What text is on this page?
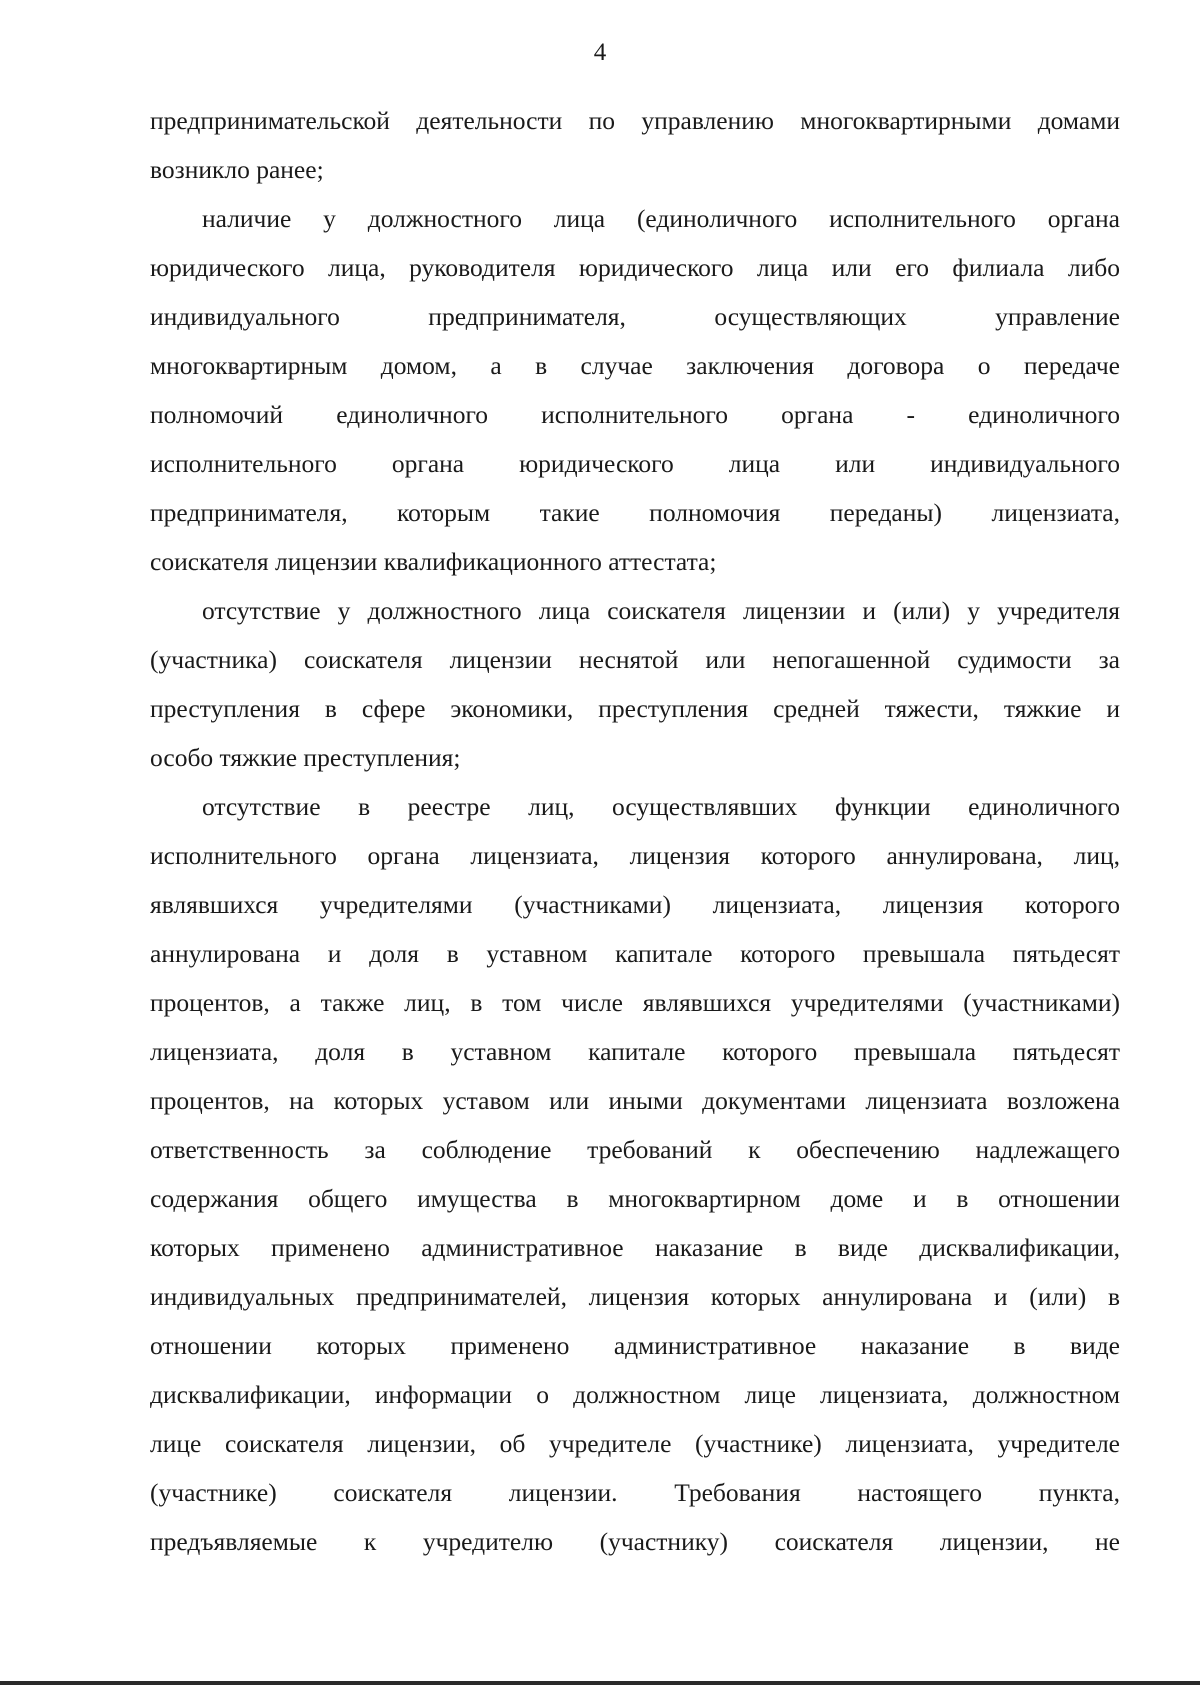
4
предпринимательской деятельности по управлению многоквартирными домами
возникло ранее;
наличие у должностного лица (единоличного исполнительного органа
юридического лица, руководителя юридического лица или его филиала либо
индивидуального предпринимателя, осуществляющих управление
многоквартирным домом, а в случае заключения договора о передаче
полномочий единоличного исполнительного органа - единоличного
исполнительного органа юридического лица или индивидуального
предпринимателя, которым такие полномочия переданы) лицензиата,
соискателя лицензии квалификационного аттестата;
отсутствие у должностного лица соискателя лицензии и (или) у учредителя
(участника) соискателя лицензии неснятой или непогашенной судимости за
преступления в сфере экономики, преступления средней тяжести, тяжкие и
особо тяжкие преступления;
отсутствие в реестре лиц, осуществлявших функции единоличного
исполнительного органа лицензиата, лицензия которого аннулирована, лиц,
являвшихся учредителями (участниками) лицензиата, лицензия которого
аннулирована и доля в уставном капитале которого превышала пятьдесят
процентов, а также лиц, в том числе являвшихся учредителями (участниками)
лицензиата, доля в уставном капитале которого превышала пятьдесят
процентов, на которых уставом или иными документами лицензиата возложена
ответственность за соблюдение требований к обеспечению надлежащего
содержания общего имущества в многоквартирном доме и в отношении
которых применено административное наказание в виде дисквалификации,
индивидуальных предпринимателей, лицензия которых аннулирована и (или) в
отношении которых применено административное наказание в виде
дисквалификации, информации о должностном лице лицензиата, должностном
лице соискателя лицензии, об учредителе (участнике) лицензиата, учредителе
(участнике) соискателя лицензии. Требования настоящего пункта,
предъявляемые к учредителю (участнику) соискателя лицензии, не
